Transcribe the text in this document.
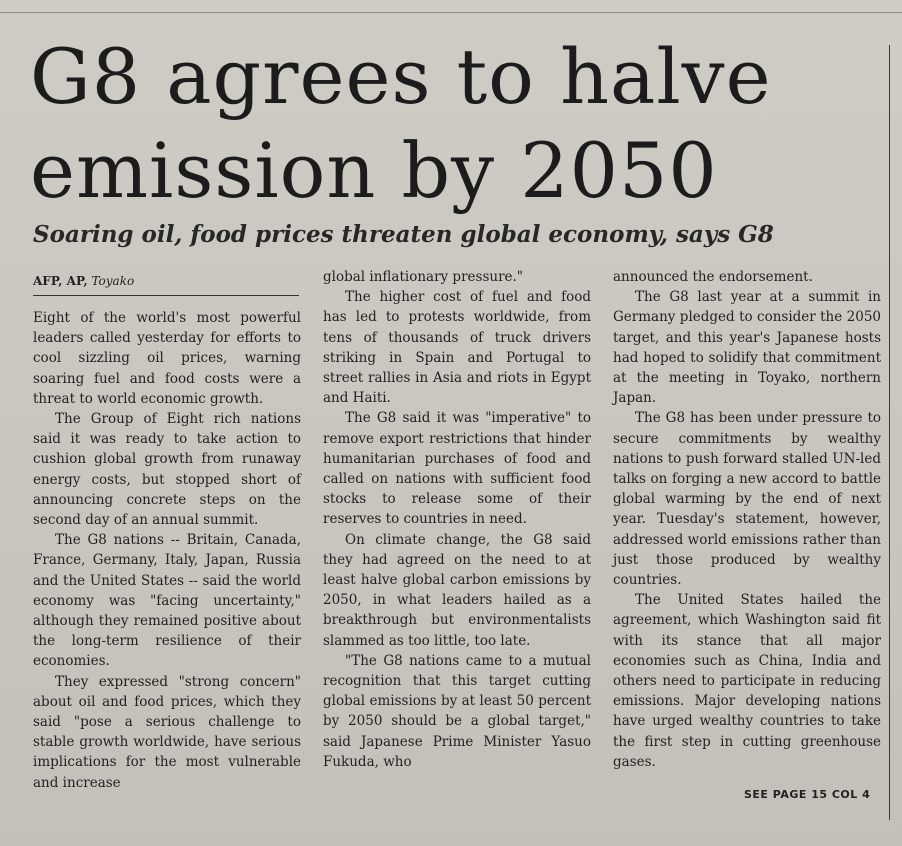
G8 agrees to halve
emission by 2050
Soaring oil, food prices threaten global economy, says G8
AFP, AP, Toyako

Eight of the world's most powerful leaders called yesterday for efforts to cool sizzling oil prices, warning soaring fuel and food costs were a threat to world economic growth.

The Group of Eight rich nations said it was ready to take action to cushion global growth from runaway energy costs, but stopped short of announcing concrete steps on the second day of an annual summit.

The G8 nations -- Britain, Canada, France, Germany, Italy, Japan, Russia and the United States -- said the world economy was "facing uncertainty," although they remained positive about the long-term resilience of their economies.

They expressed "strong concern" about oil and food prices, which they said "pose a serious challenge to stable growth worldwide, have serious implications for the most vulnerable and increase

global inflationary pressure."

The higher cost of fuel and food has led to protests worldwide, from tens of thousands of truck drivers striking in Spain and Portugal to street rallies in Asia and riots in Egypt and Haiti.

The G8 said it was "imperative" to remove export restrictions that hinder humanitarian purchases of food and called on nations with sufficient food stocks to release some of their reserves to countries in need.

On climate change, the G8 said they had agreed on the need to at least halve global carbon emissions by 2050, in what leaders hailed as a breakthrough but environmentalists slammed as too little, too late.

"The G8 nations came to a mutual recognition that this target cutting global emissions by at least 50 percent by 2050 should be a global target," said Japanese Prime Minister Yasuo Fukuda, who

announced the endorsement.

The G8 last year at a summit in Germany pledged to consider the 2050 target, and this year's Japanese hosts had hoped to solidify that commitment at the meeting in Toyako, northern Japan.

The G8 has been under pressure to secure commitments by wealthy nations to push forward stalled UN-led talks on forging a new accord to battle global warming by the end of next year. Tuesday's statement, however, addressed world emissions rather than just those produced by wealthy countries.

The United States hailed the agreement, which Washington said fit with its stance that all major economies such as China, India and others need to participate in reducing emissions. Major developing nations have urged wealthy countries to take the first step in cutting greenhouse gases.

SEE PAGE 15 COL 4
